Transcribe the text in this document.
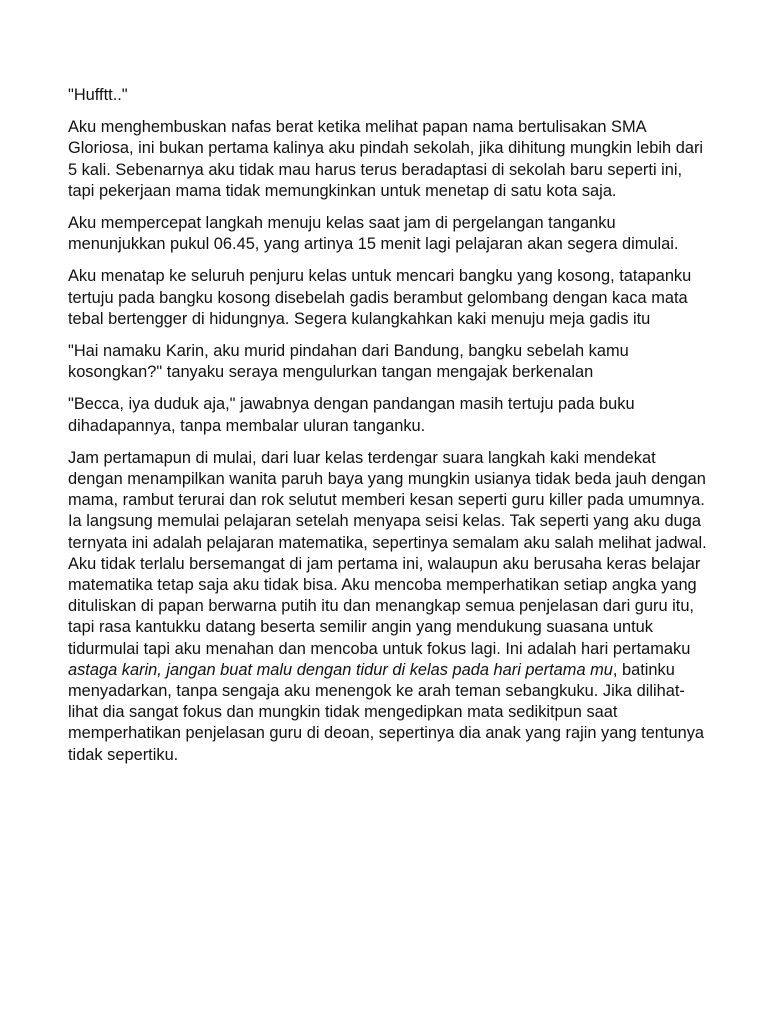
"Hufftt.."

Aku menghembuskan nafas berat ketika melihat papan nama bertulisakan SMA Gloriosa, ini bukan pertama kalinya aku pindah sekolah, jika dihitung mungkin lebih dari 5 kali. Sebenarnya aku tidak mau harus terus beradaptasi di sekolah baru seperti ini, tapi pekerjaan mama tidak memungkinkan untuk menetap di satu kota saja.

Aku mempercepat langkah menuju kelas saat jam di pergelangan tanganku menunjukkan pukul 06.45, yang artinya 15 menit lagi pelajaran akan segera dimulai.

Aku menatap ke seluruh penjuru kelas untuk mencari bangku yang kosong, tatapanku tertuju pada bangku kosong disebelah gadis berambut gelombang dengan kaca mata tebal bertengger di hidungnya. Segera kulangkahkan kaki menuju meja gadis itu

"Hai namaku Karin, aku murid pindahan dari Bandung, bangku sebelah kamu kosongkan?" tanyaku seraya mengulurkan tangan mengajak berkenalan

"Becca, iya duduk aja," jawabnya dengan pandangan masih tertuju pada buku dihadapannya, tanpa membalar uluran tanganku.

Jam pertamapun di mulai, dari luar kelas terdengar suara langkah kaki mendekat dengan menampilkan wanita paruh baya yang mungkin usianya tidak beda jauh dengan mama, rambut terurai dan rok selutut memberi kesan seperti guru killer pada umumnya. Ia langsung memulai pelajaran setelah menyapa seisi kelas. Tak seperti yang aku duga ternyata ini adalah pelajaran matematika, sepertinya semalam aku salah melihat jadwal. Aku tidak terlalu bersemangat di jam pertama ini, walaupun aku berusaha keras belajar matematika tetap saja aku tidak bisa. Aku mencoba memperhatikan setiap angka yang dituliskan di papan berwarna putih itu dan menangkap semua penjelasan dari guru itu, tapi rasa kantukku datang beserta semilir angin yang mendukung suasana untuk tidurmulai tapi aku menahan dan mencoba untuk fokus lagi. Ini adalah hari pertamaku astaga karin, jangan buat malu dengan tidur di kelas pada hari pertama mu, batinku menyadarkan, tanpa sengaja aku menengok ke arah teman sebangkuku. Jika dilihat-lihat dia sangat fokus dan mungkin tidak mengedipkan mata sedikitpun saat memperhatikan penjelasan guru di deoan, sepertinya dia anak yang rajin yang tentunya tidak sepertiku.
